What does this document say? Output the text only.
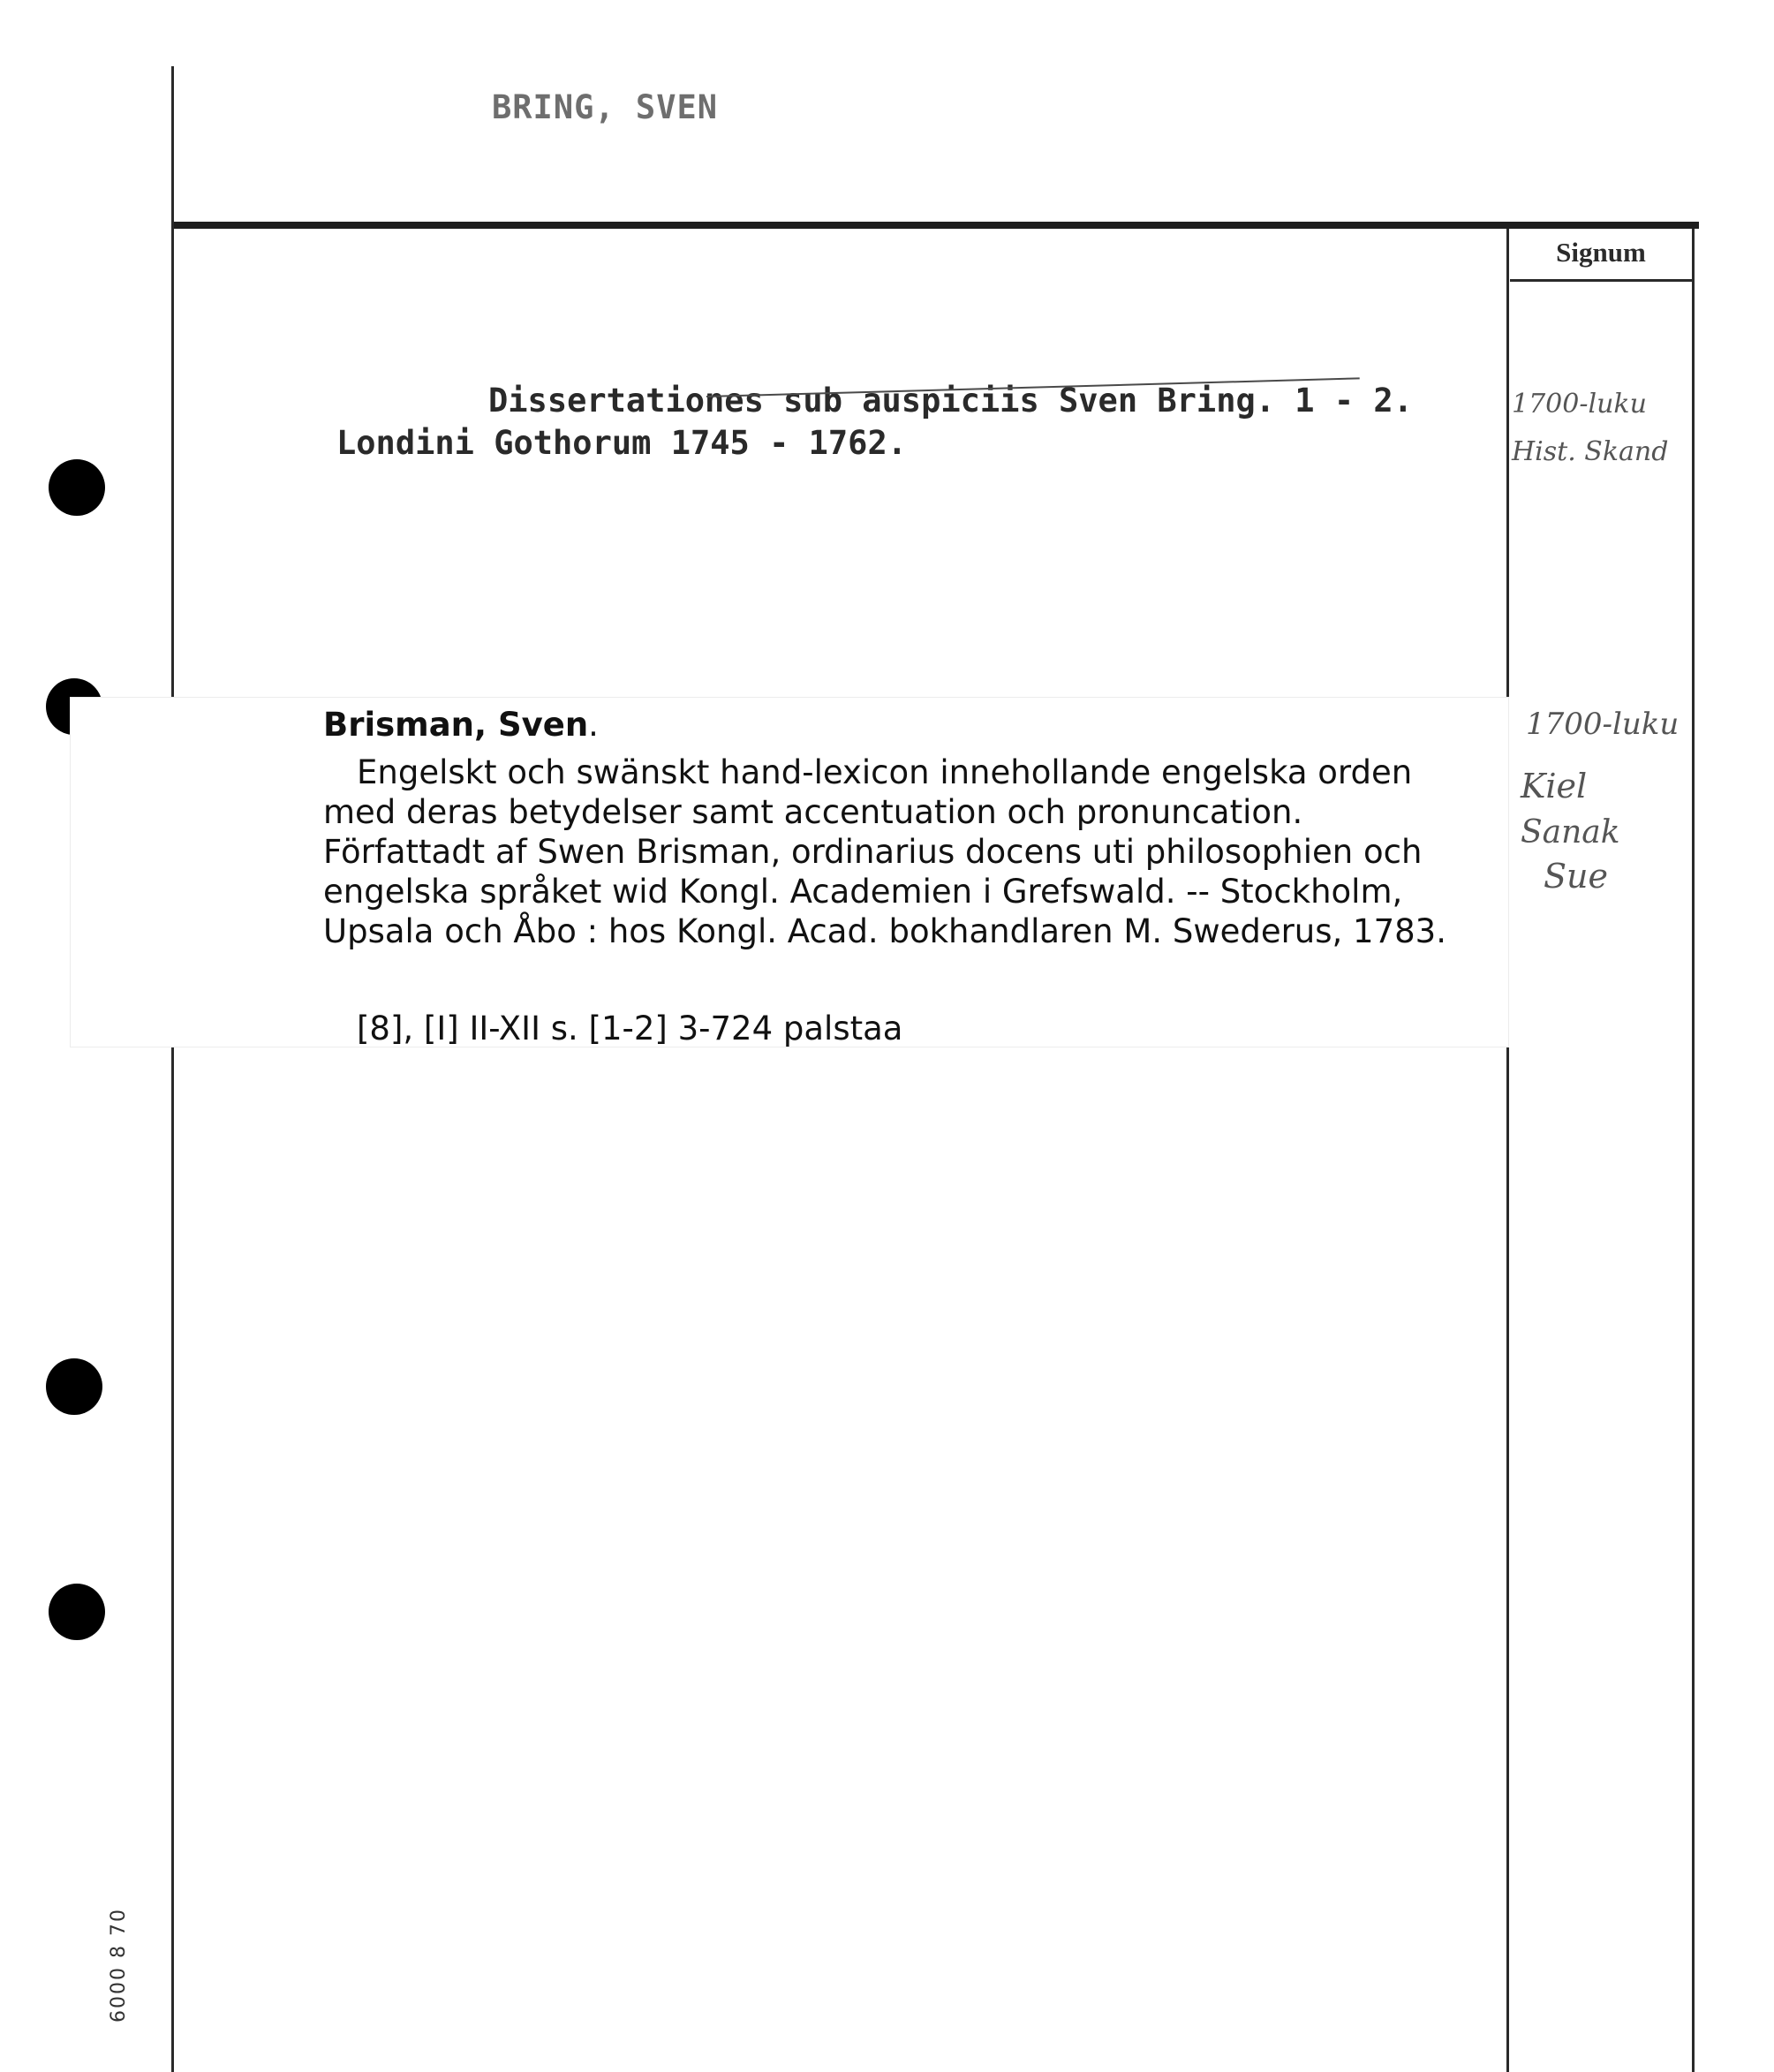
BRING, SVEN
Signum
Dissertationes sub auspiciis Sven Bring. 1 - 2.
Londini Gothorum 1745 - 1762.
1700-luku
Hist. Skand
Brisman, Sven.
Engelskt och swänskt hand-lexicon innehollande engelska orden med deras betydelser samt accentuation och pronuncation. Författadt af Swen Brisman, ordinarius docens uti philosophien och engelska språket wid Kongl. Academien i Grefswald. -- Stockholm, Upsala och Åbo : hos Kongl. Acad. bokhandlaren M. Swederus, 1783.
[8], [I] II-XII s. [1-2] 3-724 palstaa
1700-luku
Kiel
Sanak
Sue
6000 8 70
